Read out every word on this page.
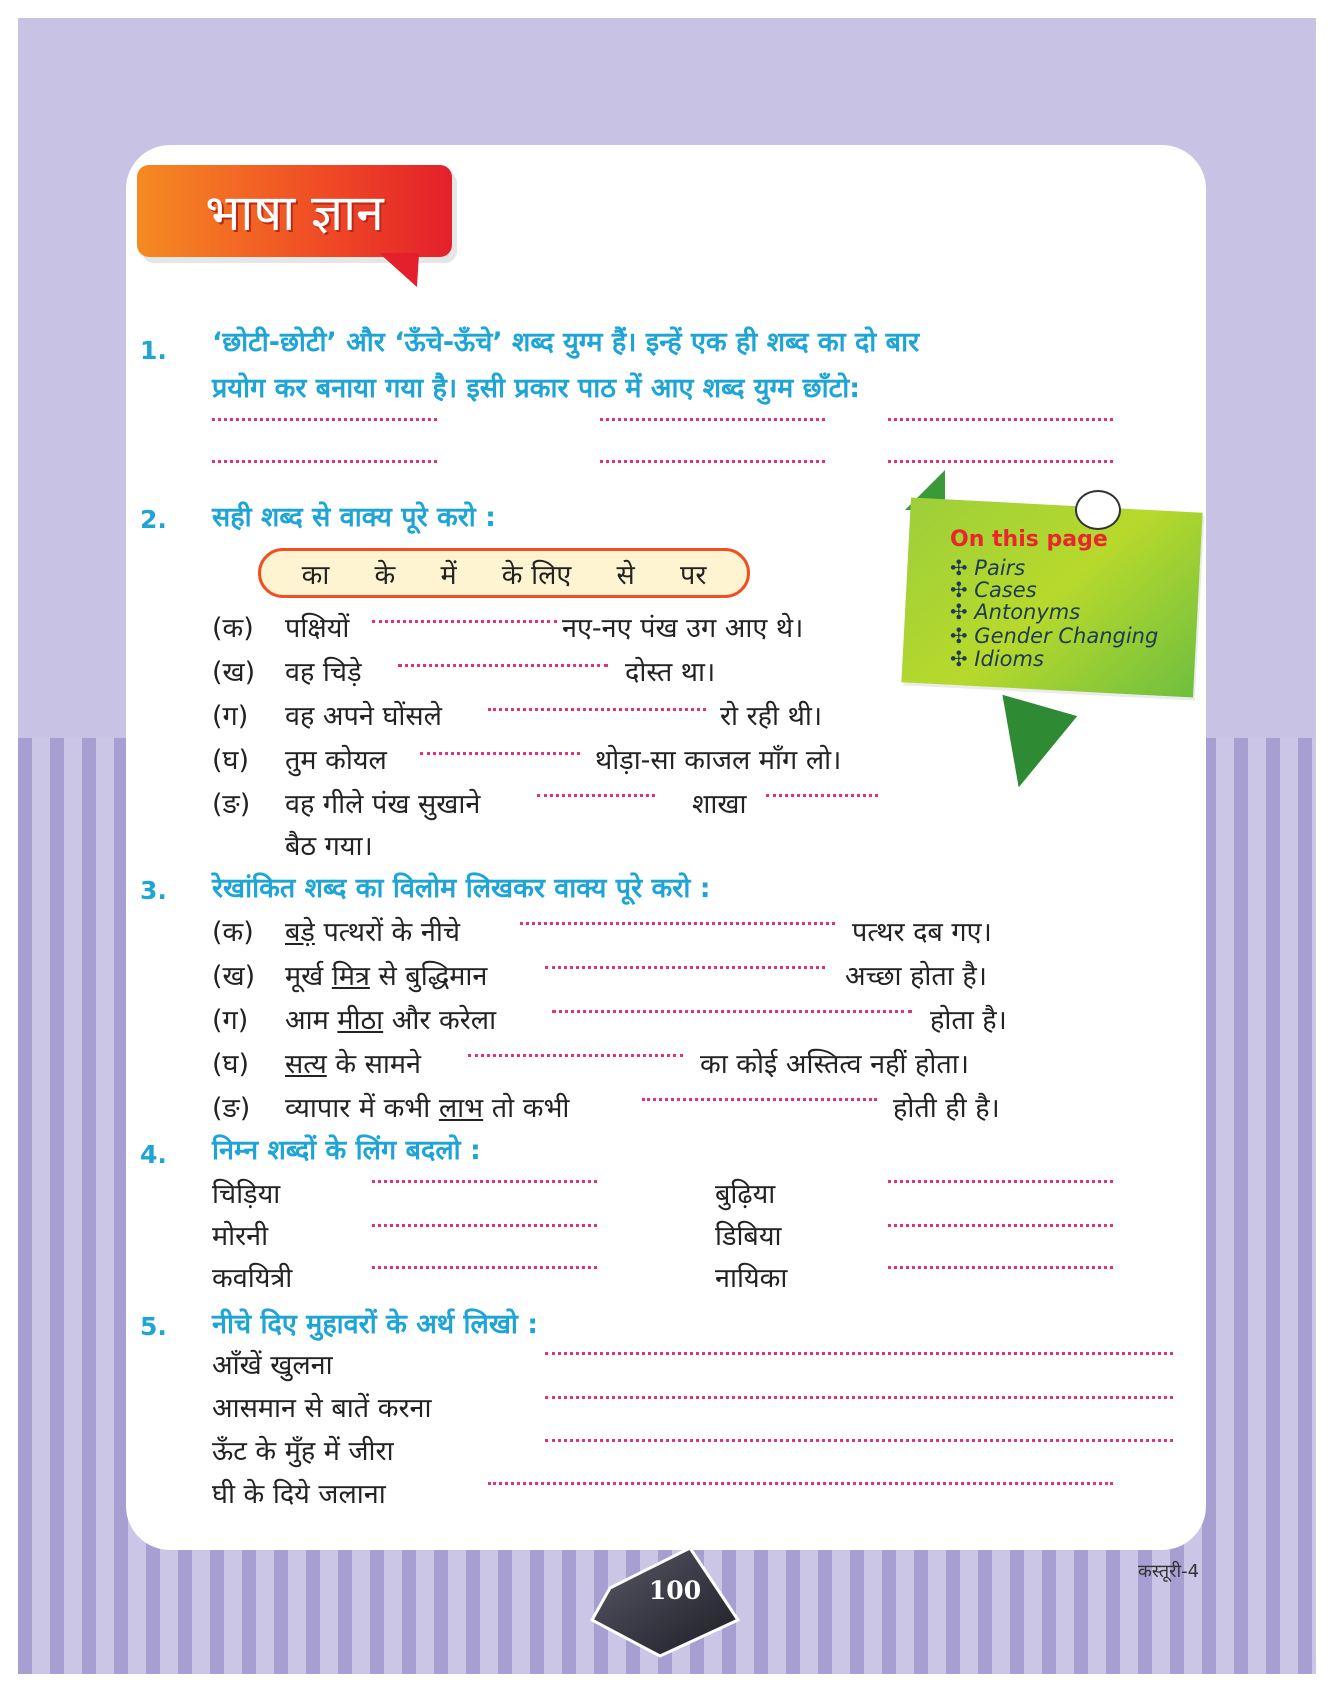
भाषा ज्ञान
1. ‘छोटी-छोटी’ और ‘ऊँचे-ऊँचे’ शब्द युग्म हैं। इन्हें एक ही शब्द का दो बार
प्रयोग कर बनाया गया है। इसी प्रकार पाठ में आए शब्द युग्म छाँटो:
2. सही शब्द से वाक्य पूरे करो :
का के में के लिए से पर
(क) पक्षियों	नए-नए पंख उग आए थे।
(ख) वह चिड़े	दोस्त था।
(ग) वह अपने घोंसले	रो रही थी।
(घ) तुम कोयल	थोड़ा-सा काजल माँग लो।
(ङ) वह गीले पंख सुखाने	शाखा
बैठ गया।
3. रेखांकित शब्द का विलोम लिखकर वाक्य पूरे करो :
(क) बड़े पत्थरों के नीचे	पत्थर दब गए।
(ख) मूर्ख मित्र से बुद्धिमान	अच्छा होता है।
(ग) आम मीठा और करेला	होता है।
(घ) सत्य के सामने	का कोई अस्तित्व नहीं होता।
(ङ) व्यापार में कभी लाभ तो कभी	होती ही है।
4. निम्न शब्दों के लिंग बदलो :
चिड़िया	बुढ़िया
मोरनी	डिबिया
कवयित्री	नायिका
5. नीचे दिए मुहावरों के अर्थ लिखो :
आँखें खुलना
आसमान से बातें करना
ऊँट के मुँह में जीरा
घी के दिये जलाना
On this page
✣ Pairs
✣ Cases
✣ Antonyms
✣ Gender Changing
✣ Idioms
100
कस्तूरी-4
